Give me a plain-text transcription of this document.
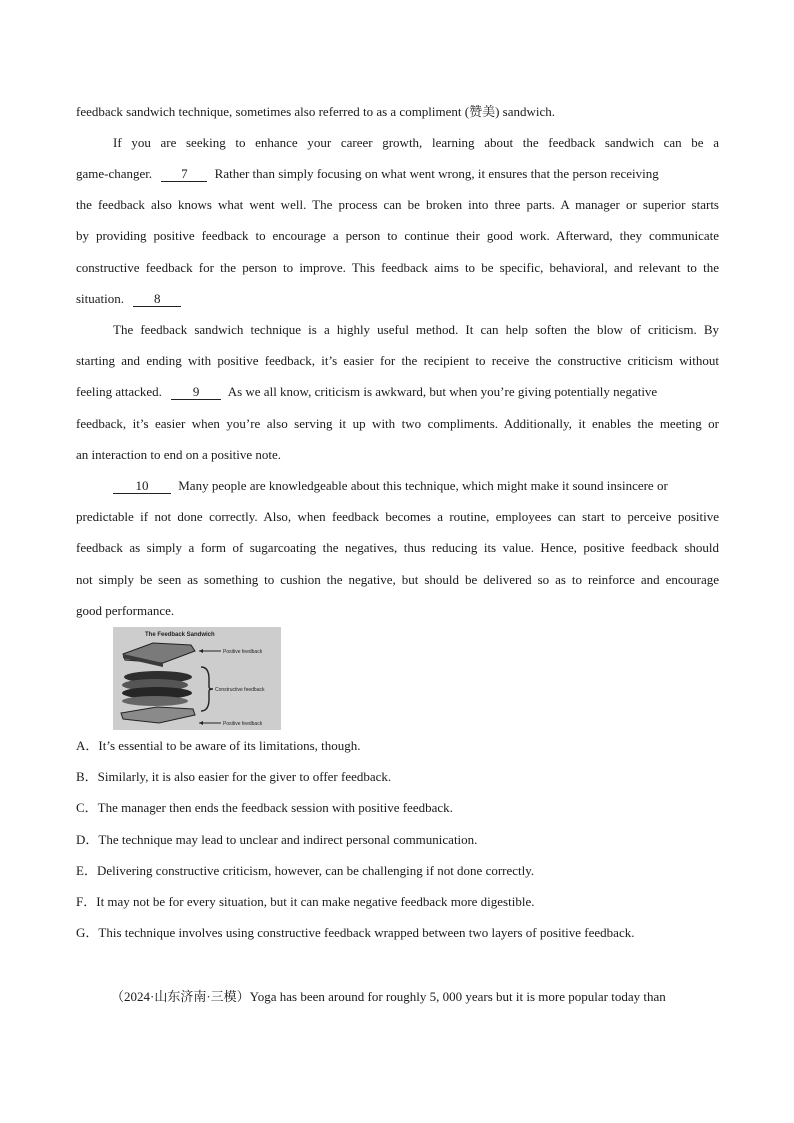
feedback sandwich technique, sometimes also referred to as a compliment (赞美) sandwich.
If you are seeking to enhance your career growth, learning about the feedback sandwich can be a
game-changer. 7 Rather than simply focusing on what went wrong, it ensures that the person receiving
the feedback also knows what went well. The process can be broken into three parts. A manager or superior starts
by providing positive feedback to encourage a person to continue their good work. Afterward, they communicate
constructive feedback for the person to improve. This feedback aims to be specific, behavioral, and relevant to the
situation. 8
The feedback sandwich technique is a highly useful method. It can help soften the blow of criticism. By
starting and ending with positive feedback, it’s easier for the recipient to receive the constructive criticism without
feeling attacked. 9 As we all know, criticism is awkward, but when you’re giving potentially negative
feedback, it’s easier when you’re also serving it up with two compliments. Additionally, it enables the meeting or
an interaction to end on a positive note.
10 Many people are knowledgeable about this technique, which might make it sound insincere or
predictable if not done correctly. Also, when feedback becomes a routine, employees can start to perceive positive
feedback as simply a form of sugarcoating the negatives, thus reducing its value. Hence, positive feedback should
not simply be seen as something to cushion the negative, but should be delivered so as to reinforce and encourage
good performance.
The Feedback Sandwich
Positive feedback
Constructive feedback
Positive feedback
A．It’s essential to be aware of its limitations, though.
B．Similarly, it is also easier for the giver to offer feedback.
C．The manager then ends the feedback session with positive feedback.
D．The technique may lead to unclear and indirect personal communication.
E．Delivering constructive criticism, however, can be challenging if not done correctly.
F．It may not be for every situation, but it can make negative feedback more digestible.
G．This technique involves using constructive feedback wrapped between two layers of positive feedback.
（2024·山东济南·三模）Yoga has been around for roughly 5, 000 years but it is more popular today than
